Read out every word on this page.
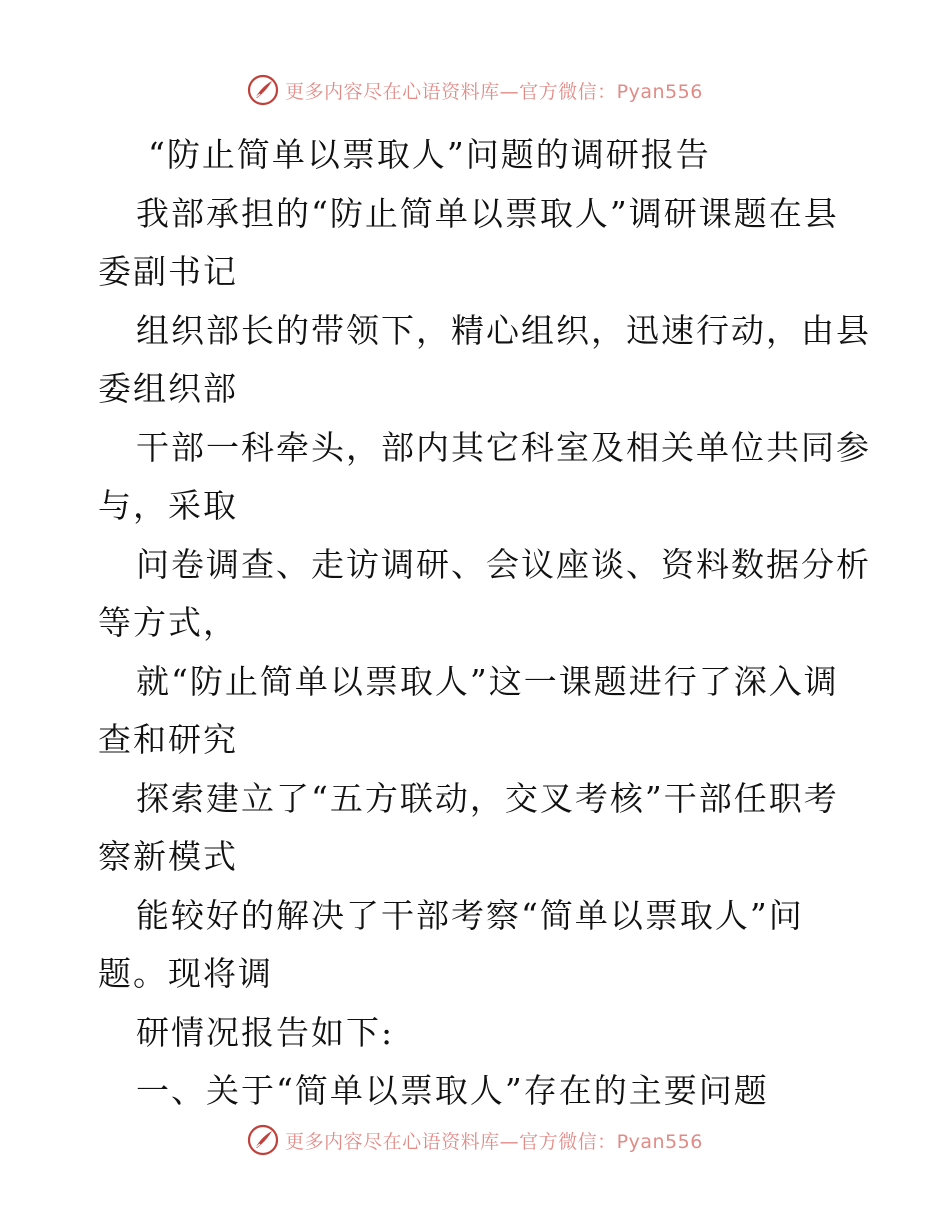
更多内容尽在心语资料库—官方微信：Pyan556

“防止简单以票取人”问题的调研报告

我部承担的“防止简单以票取人”调研课题在县

委副书记

组织部长的带领下，精心组织，迅速行动，由县

委组织部

干部一科牵头，部内其它科室及相关单位共同参

与，采取

问卷调查、走访调研、会议座谈、资料数据分析

等方式，

就“防止简单以票取人”这一课题进行了深入调

查和研究

探索建立了“五方联动，交叉考核”干部任职考

察新模式

能较好的解决了干部考察“简单以票取人”问

题。现将调

研情况报告如下:

一、关于“简单以票取人”存在的主要问题

更多内容尽在心语资料库—官方微信：Pyan556
